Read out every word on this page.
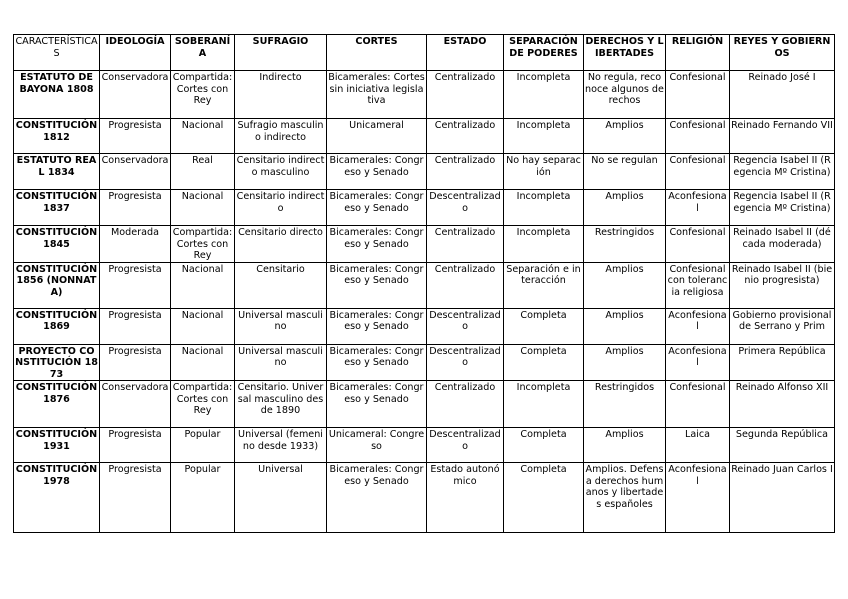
CARACTERÍSTICAS	IDEOLOGÍA	SOBERANÍA	SUFRAGIO	CORTES	ESTADO	SEPARACIÓN DE PODERES	DERECHOS Y LIBERTADES	RELIGIÓN	REYES Y GOBIERNOS
ESTATUTO DE BAYONA 1808	Conservadora	Compartida: Cortes con Rey	Indirecto	Bicamerales: Cortes sin iniciativa legislativa	Centralizado	Incompleta	No regula, reconoce algunos derechos	Confesional	Reinado José I
CONSTITUCIÓN 1812	Progresista	Nacional	Sufragio masculino indirecto	Unicameral	Centralizado	Incompleta	Amplios	Confesional	Reinado Fernando VII
ESTATUTO REAL 1834	Conservadora	Real	Censitario indirecto masculino	Bicamerales: Congreso y Senado	Centralizado	No hay separación	No se regulan	Confesional	Regencia Isabel II (Regencia Mº Cristina)
CONSTITUCIÓN 1837	Progresista	Nacional	Censitario indirecto	Bicamerales: Congreso y Senado	Descentralizado	Incompleta	Amplios	Aconfesional	Regencia Isabel II (Regencia Mº Cristina)
CONSTITUCIÓN 1845	Moderada	Compartida: Cortes con Rey	Censitario directo	Bicamerales: Congreso y Senado	Centralizado	Incompleta	Restringidos	Confesional	Reinado Isabel II (década moderada)
CONSTITUCIÓN 1856 (NONNATA)	Progresista	Nacional	Censitario	Bicamerales: Congreso y Senado	Centralizado	Separación e interacción	Amplios	Confesional con tolerancia religiosa	Reinado Isabel II (bienio progresista)
CONSTITUCIÓN 1869	Progresista	Nacional	Universal masculino	Bicamerales: Congreso y Senado	Descentralizado	Completa	Amplios	Aconfesional	Gobierno provisional de Serrano y Prim
PROYECTO CONSTITUCIÓN 1873	Progresista	Nacional	Universal masculino	Bicamerales: Congreso y Senado	Descentralizado	Completa	Amplios	Aconfesional	Primera República
CONSTITUCIÓN 1876	Conservadora	Compartida: Cortes con Rey	Censitario. Universal masculino desde 1890	Bicamerales: Congreso y Senado	Centralizado	Incompleta	Restringidos	Confesional	Reinado Alfonso XII
CONSTITUCIÓN 1931	Progresista	Popular	Universal (femenino desde 1933)	Unicameral: Congreso	Descentralizado	Completa	Amplios	Laica	Segunda República
CONSTITUCIÓN 1978	Progresista	Popular	Universal	Bicamerales: Congreso y Senado	Estado autonómico	Completa	Amplios. Defensa derechos humanos y libertades españoles	Aconfesional	Reinado Juan Carlos I
